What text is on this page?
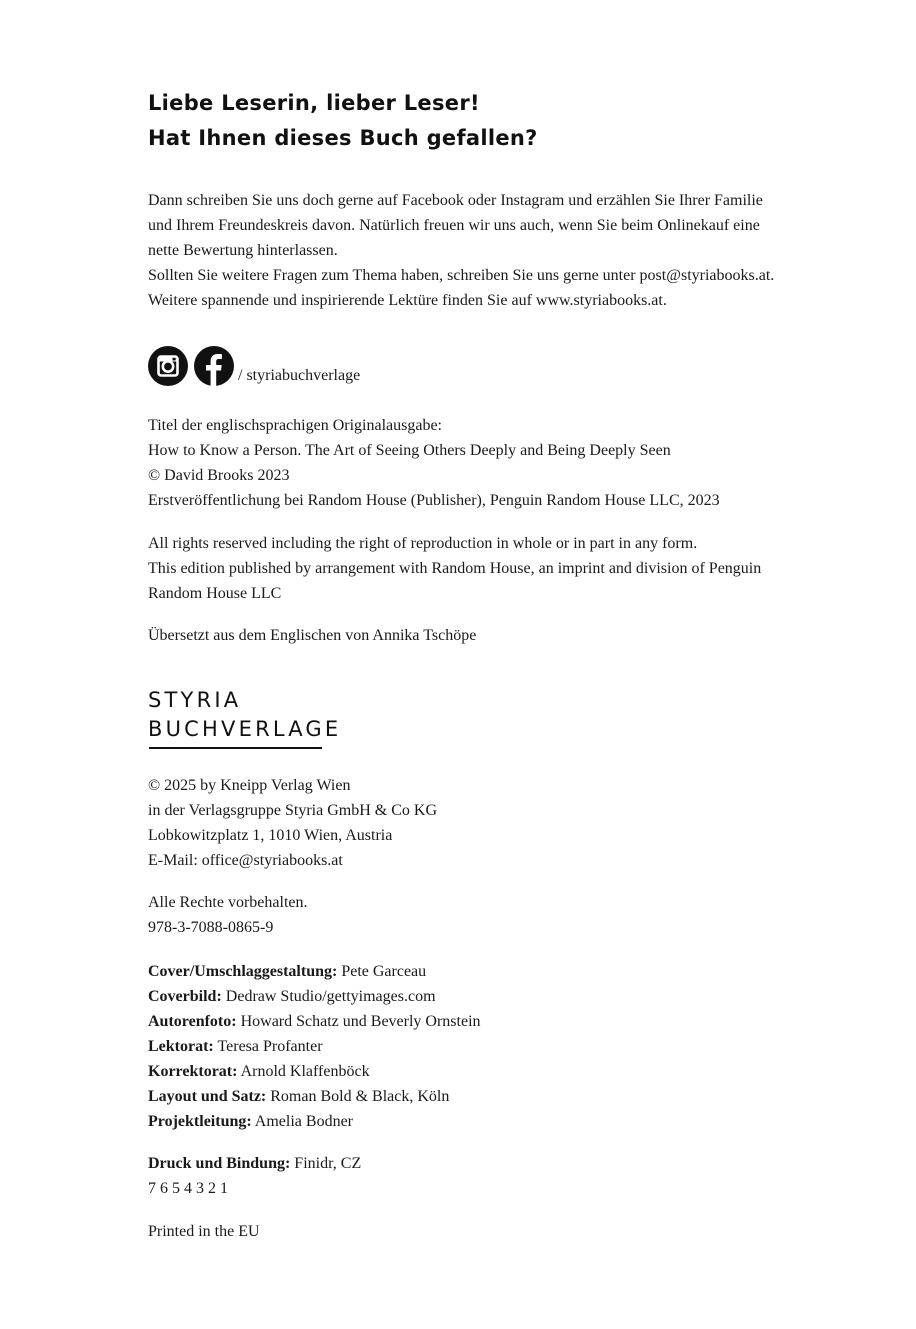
Liebe Leserin, lieber Leser!
Hat Ihnen dieses Buch gefallen?
Dann schreiben Sie uns doch gerne auf Facebook oder Instagram und erzählen Sie Ihrer Familie
und Ihrem Freundeskreis davon. Natürlich freuen wir uns auch, wenn Sie beim Onlinekauf eine
nette Bewertung hinterlassen.
Sollten Sie weitere Fragen zum Thema haben, schreiben Sie uns gerne unter post@styriabooks.at.
Weitere spannende und inspirierende Lektüre finden Sie auf www.styriabooks.at.
/ styriabuchverlage
Titel der englischsprachigen Originalausgabe:
How to Know a Person. The Art of Seeing Others Deeply and Being Deeply Seen
© David Brooks 2023
Erstveröffentlichung bei Random House (Publisher), Penguin Random House LLC, 2023
All rights reserved including the right of reproduction in whole or in part in any form.
This edition published by arrangement with Random House, an imprint and division of Penguin
Random House LLC
Übersetzt aus dem Englischen von Annika Tschöpe
STYRIA
BUCHVERLAGE
© 2025 by Kneipp Verlag Wien
in der Verlagsgruppe Styria GmbH & Co KG
Lobkowitzplatz 1, 1010 Wien, Austria
E-Mail: office@styriabooks.at
Alle Rechte vorbehalten.
978-3-7088-0865-9
Cover/Umschlaggestaltung: Pete Garceau
Coverbild: Dedraw Studio/gettyimages.com
Autorenfoto: Howard Schatz und Beverly Ornstein
Lektorat: Teresa Profanter
Korrektorat: Arnold Klaffenböck
Layout und Satz: Roman Bold & Black, Köln
Projektleitung: Amelia Bodner
Druck und Bindung: Finidr, CZ
7 6 5 4 3 2 1
Printed in the EU
